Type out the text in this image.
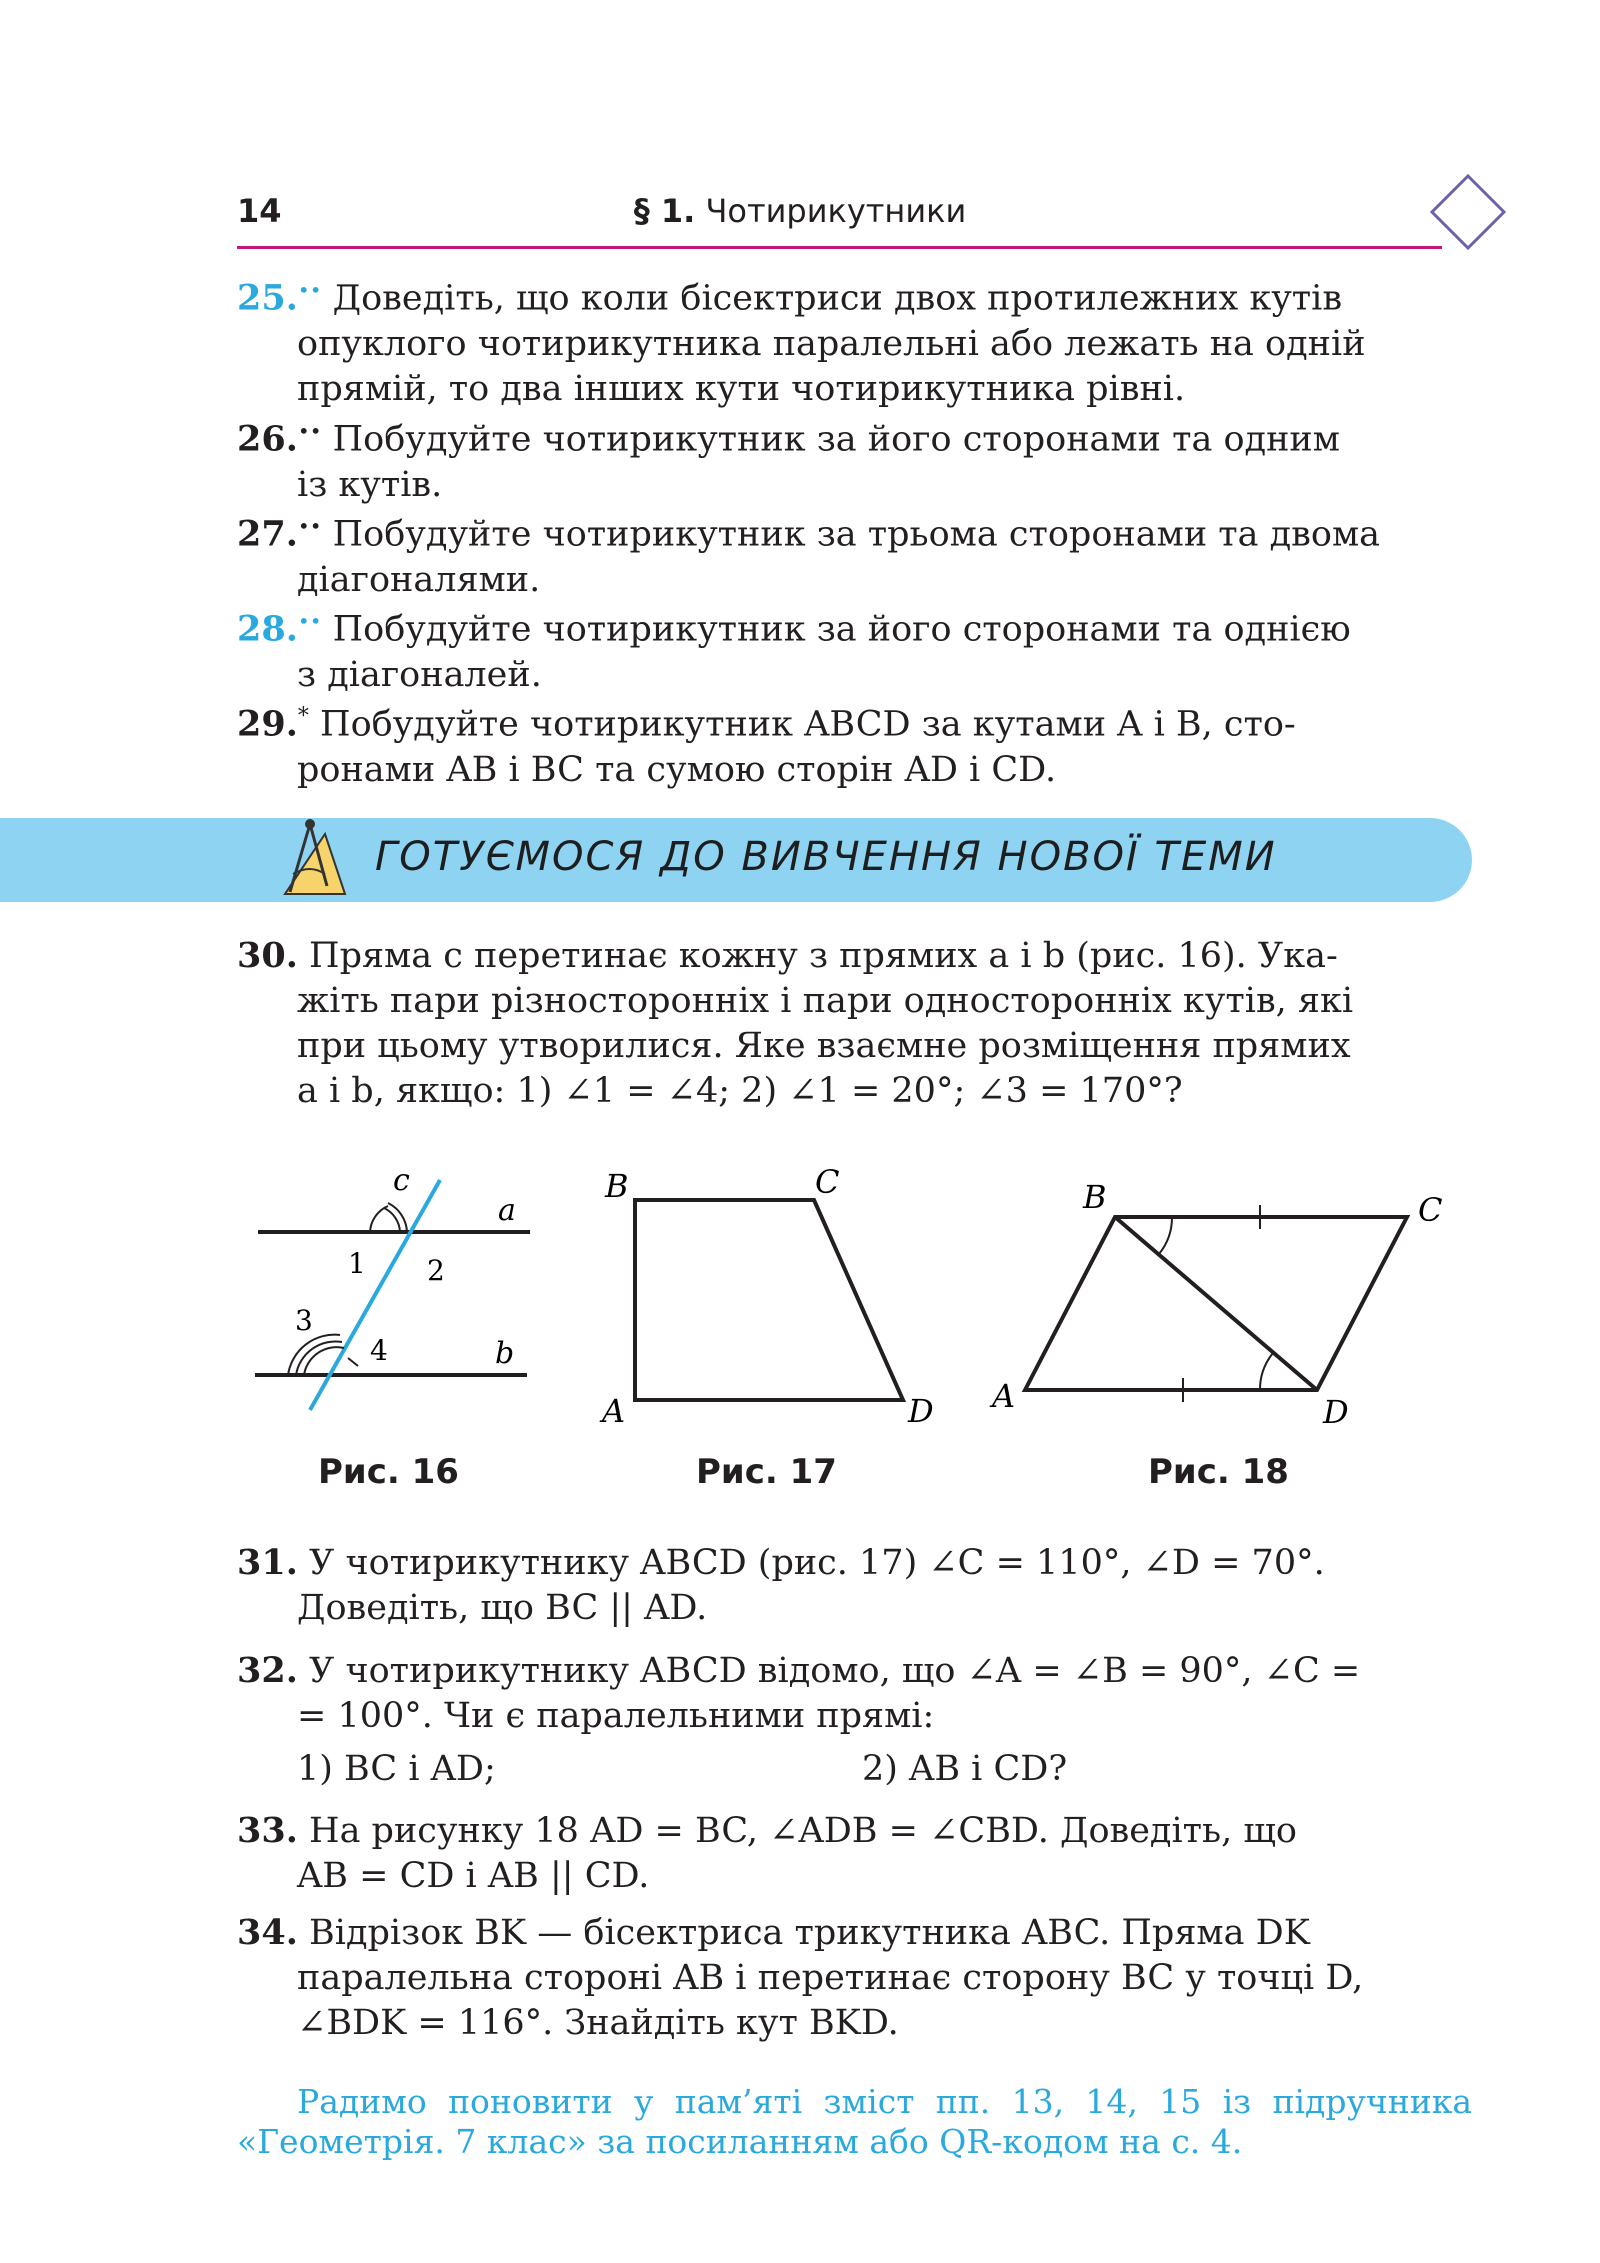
14	§ 1. Чотирикутники
25.•• Доведіть, що коли бісектриси двох протилежних кутів
опуклого чотирикутника паралельні або лежать на одній
прямій, то два інших кути чотирикутника рівні.
26.•• Побудуйте чотирикутник за його сторонами та одним
із кутів.
27.•• Побудуйте чотирикутник за трьома сторонами та двома
діагоналями.
28.•• Побудуйте чотирикутник за його сторонами та однією
з діагоналей.
29.* Побудуйте чотирикутник ABCD за кутами A і B, сто-
ронами AB і BC та сумою сторін AD і CD.
ГОТУЄМОСЯ ДО ВИВЧЕННЯ НОВОЇ ТЕМИ
30. Пряма c перетинає кожну з прямих a і b (рис. 16). Ука-
жіть пари різносторонніх і пари односторонніх кутів, які
при цьому утворилися. Яке взаємне розміщення прямих
a і b, якщо: 1) ∠1 = ∠4; 2) ∠1 = 20°; ∠3 = 170°?
c
a
b
1 2
3
4
Рис. 16
B	C
A	D
Рис. 17
B	C
A	D
Рис. 18
31. У чотирикутнику ABCD (рис. 17) ∠C = 110°, ∠D = 70°.
Доведіть, що BC || AD.
32. У чотирикутнику ABCD відомо, що ∠A = ∠B = 90°, ∠C =
= 100°. Чи є паралельними прямі:
1) BC і AD;	2) AB і CD?
33. На рисунку 18 AD = BC, ∠ADB = ∠CBD. Доведіть, що
AB = CD і AB || CD.
34. Відрізок BK — бісектриса трикутника ABC. Пряма DK
паралельна стороні AB і перетинає сторону BC у точці D,
∠BDK = 116°. Знайдіть кут BKD.
Радимо поновити у пам’яті зміст пп. 13, 14, 15 із підручника «Геометрія. 7 клас» за посиланням або QR-кодом на с. 4.
